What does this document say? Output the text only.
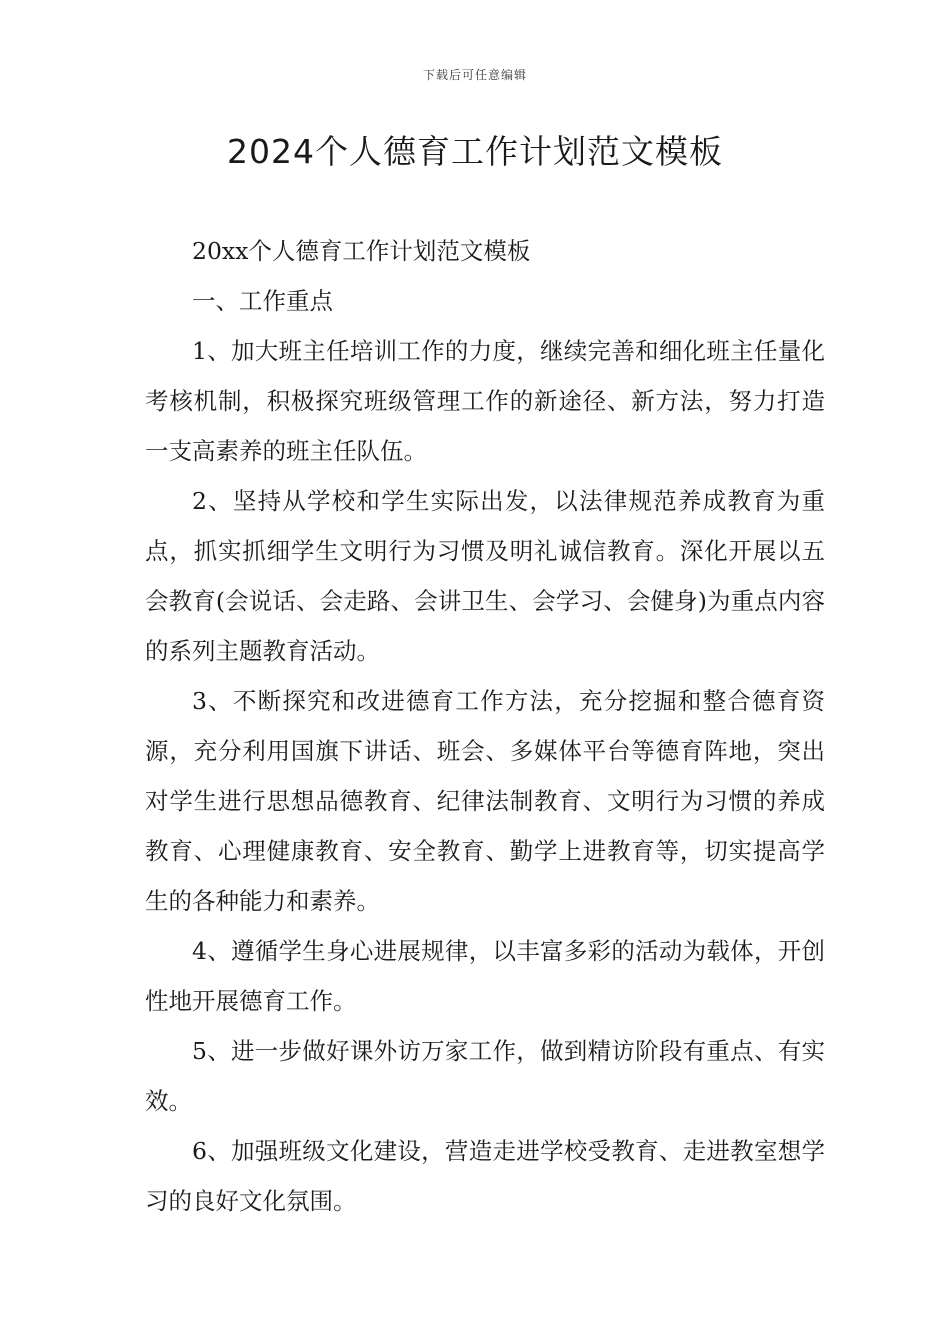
下载后可任意编辑
2024个人德育工作计划范文模板

20xx个人德育工作计划范文模板

一、工作重点

1、加大班主任培训工作的力度，继续完善和细化班主任量化考核机制，积极探究班级管理工作的新途径、新方法，努力打造一支高素养的班主任队伍。

2、坚持从学校和学生实际出发，以法律规范养成教育为重点，抓实抓细学生文明行为习惯及明礼诚信教育。深化开展以五会教育(会说话、会走路、会讲卫生、会学习、会健身)为重点内容的系列主题教育活动。

3、不断探究和改进德育工作方法，充分挖掘和整合德育资源，充分利用国旗下讲话、班会、多媒体平台等德育阵地，突出对学生进行思想品德教育、纪律法制教育、文明行为习惯的养成教育、心理健康教育、安全教育、勤学上进教育等，切实提高学生的各种能力和素养。

4、遵循学生身心进展规律，以丰富多彩的活动为载体，开创性地开展德育工作。

5、进一步做好课外访万家工作，做到精访阶段有重点、有实效。

6、加强班级文化建设，营造走进学校受教育、走进教室想学习的良好文化氛围。
